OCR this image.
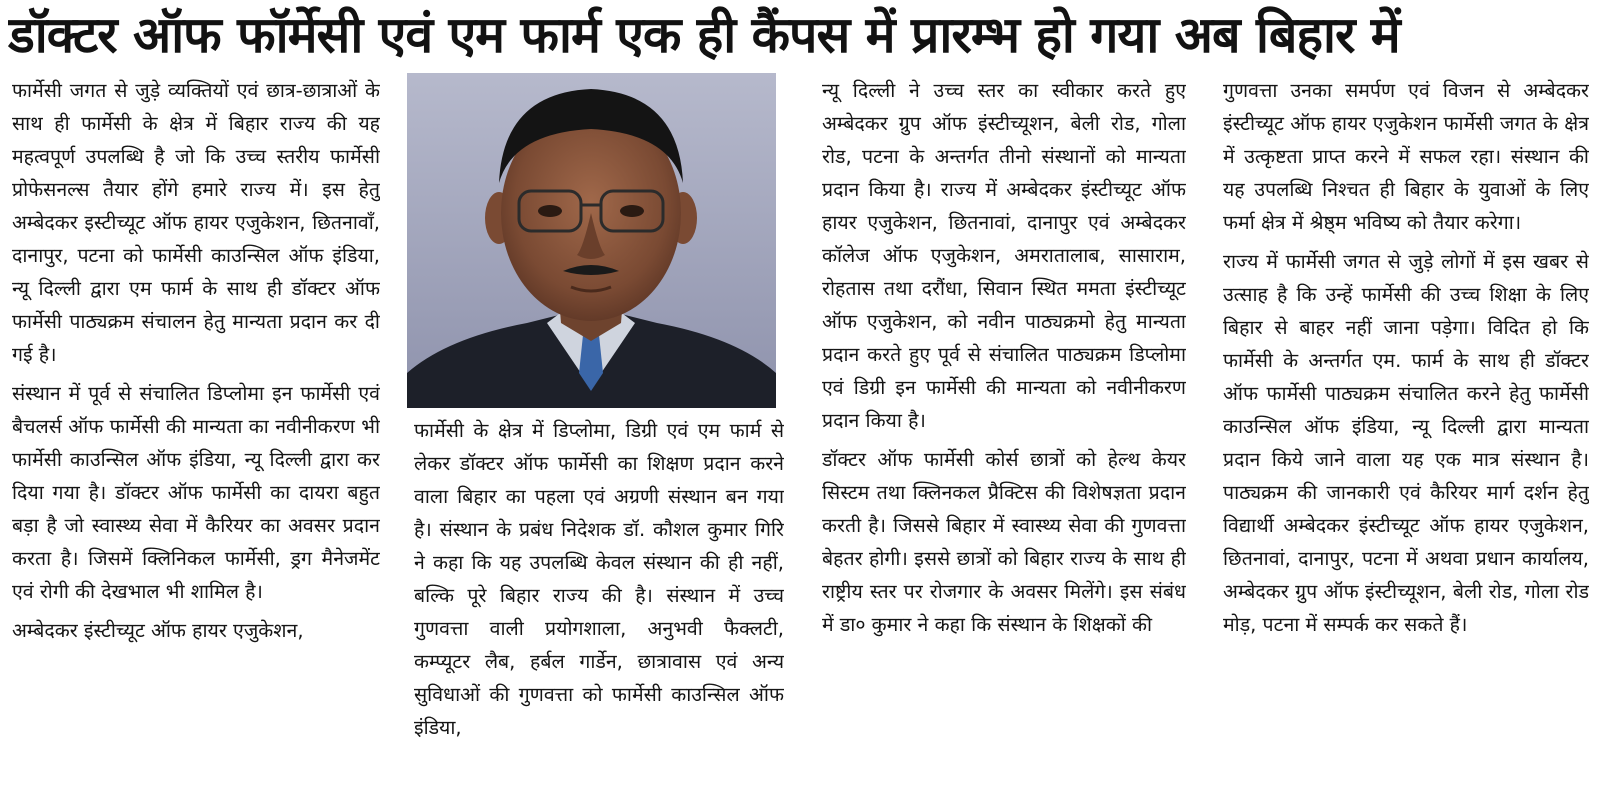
डॉक्टर ऑफ फॉर्मेसी एवं एम फार्म एक ही कैंपस में प्रारम्भ हो गया अब बिहार में

फार्मेसी जगत से जुड़े व्यक्तियों एवं छात्र-छात्राओं के साथ ही फार्मेसी के क्षेत्र में बिहार राज्य की यह महत्वपूर्ण उपलब्धि है जो कि उच्च स्तरीय फार्मेसी प्रोफेसनल्स तैयार होंगे हमारे राज्य में। इस हेतु अम्बेदकर इस्टीच्यूट ऑफ हायर एजुकेशन, छितनावाँ, दानापुर, पटना को फार्मेसी काउन्सिल ऑफ इंडिया, न्यू दिल्ली द्वारा एम फार्म के साथ ही डॉक्टर ऑफ फार्मेसी पाठ्यक्रम संचालन हेतु मान्यता प्रदान कर दी गई है।

संस्थान में पूर्व से संचालित डिप्लोमा इन फार्मेसी एवं बैचलर्स ऑफ फार्मेसी की मान्यता का नवीनीकरण भी फार्मेसी काउन्सिल ऑफ इंडिया, न्यू दिल्ली द्वारा कर दिया गया है। डॉक्टर ऑफ फार्मेसी का दायरा बहुत बड़ा है जो स्वास्थ्य सेवा में कैरियर का अवसर प्रदान करता है। जिसमें क्लिनिकल फार्मेसी, ड्रग मैनेजमेंट एवं रोगी की देखभाल भी शामिल है।

अम्बेदकर इंस्टीच्यूट ऑफ हायर एजुकेशन,

फार्मेसी के क्षेत्र में डिप्लोमा, डिग्री एवं एम फार्म से लेकर डॉक्टर ऑफ फार्मेसी का शिक्षण प्रदान करने वाला बिहार का पहला एवं अग्रणी संस्थान बन गया है। संस्थान के प्रबंध निदेशक डॉ. कौशल कुमार गिरि ने कहा कि यह उपलब्धि केवल संस्थान की ही नहीं, बल्कि पूरे बिहार राज्य की है। संस्थान में उच्च गुणवत्ता वाली प्रयोगशाला, अनुभवी फैक्लटी, कम्प्यूटर लैब, हर्बल गार्डेन, छात्रावास एवं अन्य सुविधाओं की गुणवत्ता को फार्मेसी काउन्सिल ऑफ इंडिया,

न्यू दिल्ली ने उच्च स्तर का स्वीकार करते हुए अम्बेदकर ग्रुप ऑफ इंस्टीच्यूशन, बेली रोड, गोला रोड, पटना के अन्तर्गत तीनो संस्थानों को मान्यता प्रदान किया है। राज्य में अम्बेदकर इंस्टीच्यूट ऑफ हायर एजुकेशन, छितनावां, दानापुर एवं अम्बेदकर कॉलेज ऑफ एजुकेशन, अमरातालाब, सासाराम, रोहतास तथा दरौंधा, सिवान स्थित ममता इंस्टीच्यूट ऑफ एजुकेशन, को नवीन पाठ्यक्रमो हेतु मान्यता प्रदान करते हुए पूर्व से संचालित पाठ्यक्रम डिप्लोमा एवं डिग्री इन फार्मेसी की मान्यता को नवीनीकरण प्रदान किया है।

डॉक्टर ऑफ फार्मेसी कोर्स छात्रों को हेल्थ केयर सिस्टम तथा क्लिनकल प्रैक्टिस की विशेषज्ञता प्रदान करती है। जिससे बिहार में स्वास्थ्य सेवा की गुणवत्ता बेहतर होगी। इससे छात्रों को बिहार राज्य के साथ ही राष्ट्रीय स्तर पर रोजगार के अवसर मिलेंगे। इस संबंध में डा० कुमार ने कहा कि संस्थान के शिक्षकों की

गुणवत्ता उनका समर्पण एवं विजन से अम्बेदकर इंस्टीच्यूट ऑफ हायर एजुकेशन फार्मेसी जगत के क्षेत्र में उत्कृष्टता प्राप्त करने में सफल रहा। संस्थान की यह उपलब्धि निश्चत ही बिहार के युवाओं के लिए फर्मा क्षेत्र में श्रेष्ठ्म भविष्य को तैयार करेगा।

राज्य में फार्मेसी जगत से जुड़े लोगों में इस खबर से उत्साह है कि उन्हें फार्मेसी की उच्च शिक्षा के लिए बिहार से बाहर नहीं जाना पड़ेगा। विदित हो कि फार्मेसी के अन्तर्गत एम. फार्म के साथ ही डॉक्टर ऑफ फार्मेसी पाठ्यक्रम संचालित करने हेतु फार्मेसी काउन्सिल ऑफ इंडिया, न्यू दिल्ली द्वारा मान्यता प्रदान किये जाने वाला यह एक मात्र संस्थान है। पाठ्यक्रम की जानकारी एवं कैरियर मार्ग दर्शन हेतु विद्यार्थी अम्बेदकर इंस्टीच्यूट ऑफ हायर एजुकेशन, छितनावां, दानापुर, पटना में अथवा प्रधान कार्यालय, अम्बेदकर ग्रुप ऑफ इंस्टीच्यूशन, बेली रोड, गोला रोड मोड़, पटना में सम्पर्क कर सकते हैं।
